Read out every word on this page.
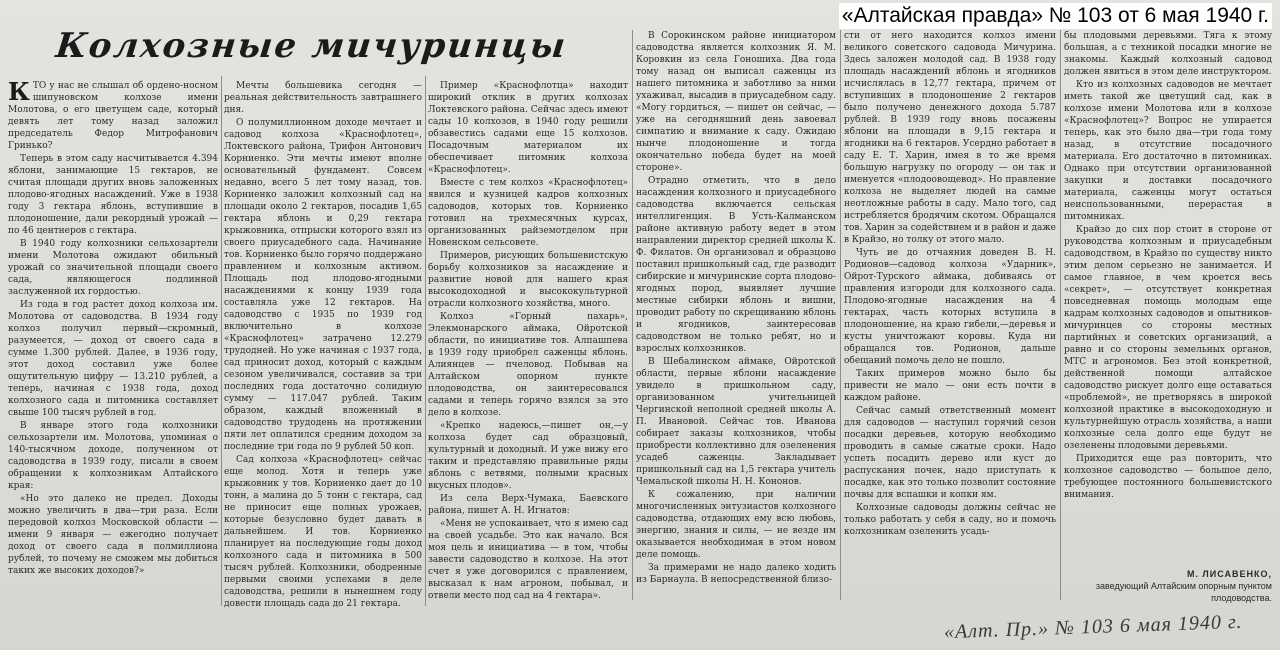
«Алтайская правда» № 103 от 6 мая 1940 г.
Колхозные мичуринцы

КТО у нас не слышал об ордено-носном шипуновском колхозе имени Молотова, о его цветущем саде, который девять лет тому назад заложил председатель Федор Митрофанович Гринько?

Теперь в этом саду насчитывается 4.394 яблони, занимающие 15 гектаров, не считая площади других вновь заложенных плодово-ягодных насаждений. Уже в 1938 году 3 гектара яблонь, вступившие в плодоношение, дали рекордный урожай — по 46 центнеров с гектара.

В 1940 году колхозники сельхозартели имени Молотова ожидают обильный урожай со значительной площади своего сада, являющегося подлинной заслуженной их гордостью.

Из года в год растет доход колхоза им. Молотова от садоводства. В 1934 году колхоз получил первый—скромный, разумеется, — доход от своего сада в сумме 1.300 рублей. Далее, в 1936 году, этот доход составил уже более ощутительную цифру — 13.210 рублей, а теперь, начиная с 1938 года, доход колхозного сада и питомника составляет свыше 100 тысяч рублей в год.

В январе этого года колхозники сельхозартели им. Молотова, упоминая о 140-тысячном доходе, полученном от садоводства в 1939 году, писали в своем обращении к колхозникам Алтайского края:

«Но это далеко не предел. Доходы можно увеличить в два—три раза. Если передовой колхоз Московской области — имени 9 января — ежегодно получает доход от своего сада в полмиллиона рублей, то почему не сможем мы добиться таких же высоких доходов?»

Мечты большевика сегодня — реальная действительность завтрашнего дня.

О полумиллионном доходе мечтает и садовод колхоза «Краснофлотец», Локтевского района, Трифон Антонович Корниенко. Эти мечты имеют вполне основательный фундамент. Совсем недавно, всего 5 лет тому назад, тов. Корниенко заложил колхозный сад на площади около 2 гектаров, посадив 1,65 гектара яблонь и 0,29 гектара крыжовника, отпрыски которого взял из своего приусадебного сада. Начинание тов. Корниенко было горячо поддержано правлением и колхозным активом. Площадь под плодово-ягодными насаждениями к концу 1939 года составляла уже 12 гектаров. На садоводство с 1935 по 1939 год включительно в колхозе «Краснофлотец» затрачено 12.279 трудодней. Но уже начиная с 1937 года, сад приносит доход, который с каждым сезоном увеличивался, составив за три последних года достаточно солидную сумму — 117.047 рублей. Таким образом, каждый вложенный в садоводство трудодень на протяжении пяти лет оплатился средним доходом за последние три года по 9 рублей 50 коп.

Сад колхоза «Краснофлотец» сейчас еще молод. Хотя и теперь уже крыжовник у тов. Корниенко дает до 10 тонн, а малина до 5 тонн с гектара, сад не приносит еще полных урожаев, которые безусловно будет давать в дальнейшем. И тов. Корниенко планирует на последующие годы доход колхозного сада и питомника в 500 тысяч рублей. Колхозники, ободренные первыми своими успехами в деле садоводства, решили в нынешнем году довести площадь сада до 21 гектара.

Пример «Краснофлотца» находит широкий отклик в других колхозах Локтевского района. Сейчас здесь имеют сады 10 колхозов, в 1940 году решили обзавестись садами еще 15 колхозов. Посадочным материалом их обеспечивает питомник колхоза «Краснофлотец».

Вместе с тем колхоз «Краснофлотец» явился и кузницей кадров колхозных садоводов, которых тов. Корниенко готовил на трехмесячных курсах, организованных райземотделом при Новенском сельсовете.

Примеров, рисующих большевистскую борьбу колхозников за насаждение и развитие новой для нашего края высокодоходной и высококультурной отрасли колхозного хозяйства, много.

Колхоз «Горный пахарь», Элекмонарского аймака, Ойротской области, по инициативе тов. Алпашпева в 1939 году приобрел саженцы яблонь. Алиянцев — пчеловод. Побывав на Алтайском опорном пункте плодоводства, он заинтересовался садами и теперь горячо взялся за это дело в колхозе.

«Крепко надеюсь,—пишет он,—у колхоза будет сад образцовый, культурный и доходный. И уже вижу его таким и представляю правильные ряды яблонь с ветвями, полными красных вкусных плодов».

Из села Верх-Чумака, Баевского района, пишет А. Н. Игнатов:

«Меня не успокаивает, что я имею сад на своей усадьбе. Это как начало. Вся моя цель и инициатива — в том, чтобы завести садоводство в колхозе. На этот счет я уже договорился с правлением, высказал к нам агроном, побывал, и отвели место под сад на 4 гектара».

В Сорокинском районе инициатором садоводства является колхозник Я. М. Коровкин из села Гоношиха. Два года тому назад он выписал саженцы из нашего питомника и заботливо за ними ухаживал, высадив в приусадебном саду. «Могу гордиться, — пишет он сейчас, — уже на сегодняшний день завоевал симпатию и внимание к саду. Ожидаю нынче плодоношение и тогда окончательно победа будет на моей стороне».

Отрадно отметить, что в дело насаждения колхозного и приусадебного садоводства включается сельская интеллигенция. В Усть-Калманском районе активную работу ведет в этом направлении директор средней школы К. Ф. Филатов. Он организовал и образцово поставил пришкольный сад, где разводит сибирские и мичуринские сорта плодово-ягодных пород, выявляет лучшие местные сибирки яблонь и вишни, проводит работу по скрещиванию яблонь и ягодников, заинтересовав садоводством не только ребят, но и взрослых колхозников.

В Шебалинском аймаке, Ойротской области, первые яблони насаждение увидело в пришкольном саду, организованном учительницей Чергинской неполной средней школы А. П. Ивановой. Сейчас тов. Иванова собирает заказы колхозников, чтобы приобрести коллективно для озеленения усадеб саженцы. Закладывает пришкольный сад на 1,5 гектара учитель Чемальской школы Н. Н. Кононов.

К сожалению, при наличии многочисленных энтузиастов колхозного садоводства, отдающих ему всю любовь, энергию, знания и силы, — не везде им оказывается необходимая в этом новом деле помощь.

За примерами не надо далеко ходить из Барнаула. В непосредственной близо-

сти от него находится колхоз имени великого советского садовода Мичурина. Здесь заложен молодой сад. В 1938 году площадь насаждений яблонь и ягодников исчислялась в 12,77 гектара, причем от вступивших в плодоношение 2 гектаров было получено денежного дохода 5.787 рублей. В 1939 году вновь посажены яблони на площади в 9,15 гектара и ягодники на 6 гектаров. Усердно работает в саду Е. Т. Харин, имея в то же время большую нагрузку по огороду — он так и именуется «плодоовощевод». Но правление колхоза не выделяет людей на самые неотложные работы в саду. Мало того, сад истребляется бродячим скотом. Обращался тов. Харин за содействием и в район и даже в Крайзо, но толку от этого мало.

Чуть ие до отчаяния доведен В. Н. Родионов—садовод колхоза «Ударник», Ойрот-Турского аймака, добиваясь от правления изгороди для колхозного сада. Плодово-ягодные насаждения на 4 гектарах, часть которых вступила в плодоношение, на краю гибели,—деревья и кусты уничтожают коровы. Куда ни обращался тов. Родионов, дальше обещаний помочь дело не пошло.

Таких примеров можно было бы привести не мало — они есть почти в каждом районе.

Сейчас самый ответственный момент для садоводов — наступил горячий сезон посадки деревьев, которую необходимо проводить в самые сжатые сроки. Надо успеть посадить дерево или куст до распускания почек, надо приступать к посадке, как это только позволит состояние почвы для вспашки и копки ям.

Колхозные садоводы должны сейчас не только работать у себя в саду, но и помочь колхозникам озеленить усадь-

бы плодовыми деревьями. Тяга к этому большая, а с техникой посадки многие не знакомы. Каждый колхозный садовод должен явиться в этом деле инструктором.

Кто из колхозных садоводов не мечтает иметь такой же цветущий сад, как в колхозе имени Молотова или в колхозе «Краснофлотец»? Вопрос не упирается теперь, как это было два—три года тому назад, в отсутствие посадочного материала. Его достаточно в питомниках. Однако при отсутствии организованной закупки и доставки посадочного материала, саженцы могут остаться неиспользованными, перерастая в питомниках.

Крайзо до сих пор стоит в стороне от руководства колхозным и приусадебным садоводством, в Крайзо по существу никто этим делом серьезно не занимается. И самое главное, в чем кроется весь «секрет», — отсутствует конкретная повседневная помощь молодым еще кадрам колхозных садоводов и опытников-мичуринцев со стороны местных партийных и советских организаций, а равно и со стороны земельных органов, МТС и агрономов. Без этой конкретной, действенной помощи алтайское садоводство рискует долго еще оставаться «проблемой», не претворяясь в широкой колхозной практике в высокодоходную и культурнейшую отрасль хозяйства, а наши колхозные села долго еще будут не озеленены плодовыми деревьями.

Приходится еще раз повторить, что колхозное садоводство — большое дело, требующее постоянного большевистского внимания.

М. ЛИСАВЕНКО,
заведующий Алтайским опорным пунктом плодоводства.
«Алт. Пр.» № 103 6 мая 1940 г.
